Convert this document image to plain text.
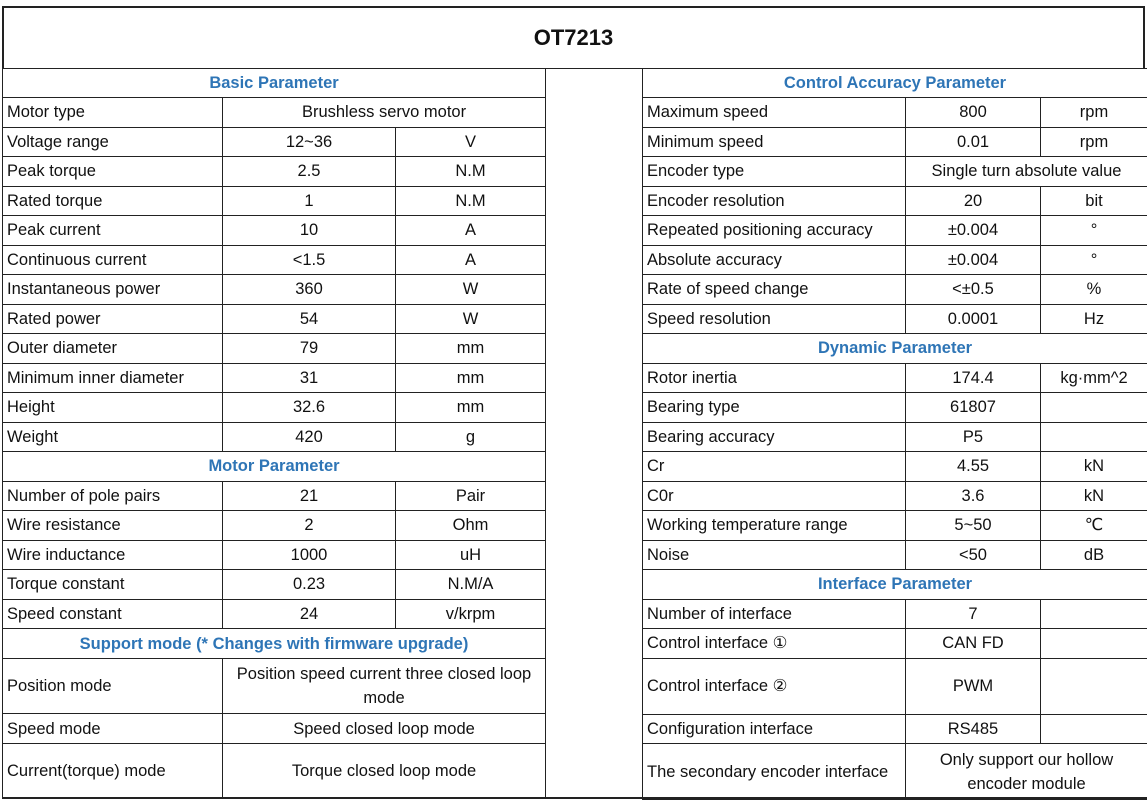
OT7213
Basic Parameter		
Motor type	Brushless servo motor	
Voltage range	12~36	V
Peak torque	2.5	N.M
Rated torque	1	N.M
Peak current	10	A
Continuous current	<1.5	A
Instantaneous power	360	W
Rated power	54	W
Outer diameter	79	mm
Minimum inner diameter	31	mm
Height	32.6	mm
Weight	420	g
Motor Parameter		
Number of pole pairs	21	Pair
Wire resistance	2	Ohm
Wire inductance	1000	uH
Torque constant	0.23	N.M/A
Speed constant	24	v/krpm
Support mode (* Changes with firmware upgrade)		
Position mode	Position speed current three closed loop mode	
Speed mode	Speed closed loop mode	
Current(torque) mode	Torque closed loop mode	
Control Accuracy Parameter		
Maximum speed	800	rpm
Minimum speed	0.01	rpm
Encoder type	Single turn absolute value	
Encoder resolution	20	bit
Repeated positioning accuracy	±0.004	°
Absolute accuracy	±0.004	°
Rate of speed change	<±0.5	%
Speed resolution	0.0001	Hz
Dynamic Parameter		
Rotor inertia	174.4	kg·mm^2
Bearing type	61807	
Bearing accuracy	P5	
Cr	4.55	kN
C0r	3.6	kN
Working temperature range	5~50	℃
Noise	<50	dB
Interface Parameter		
Number of interface	7	
Control interface ①	CAN FD	
Control interface ②	PWM	
Configuration interface	RS485	
The secondary encoder interface	Only support our hollow encoder module	
